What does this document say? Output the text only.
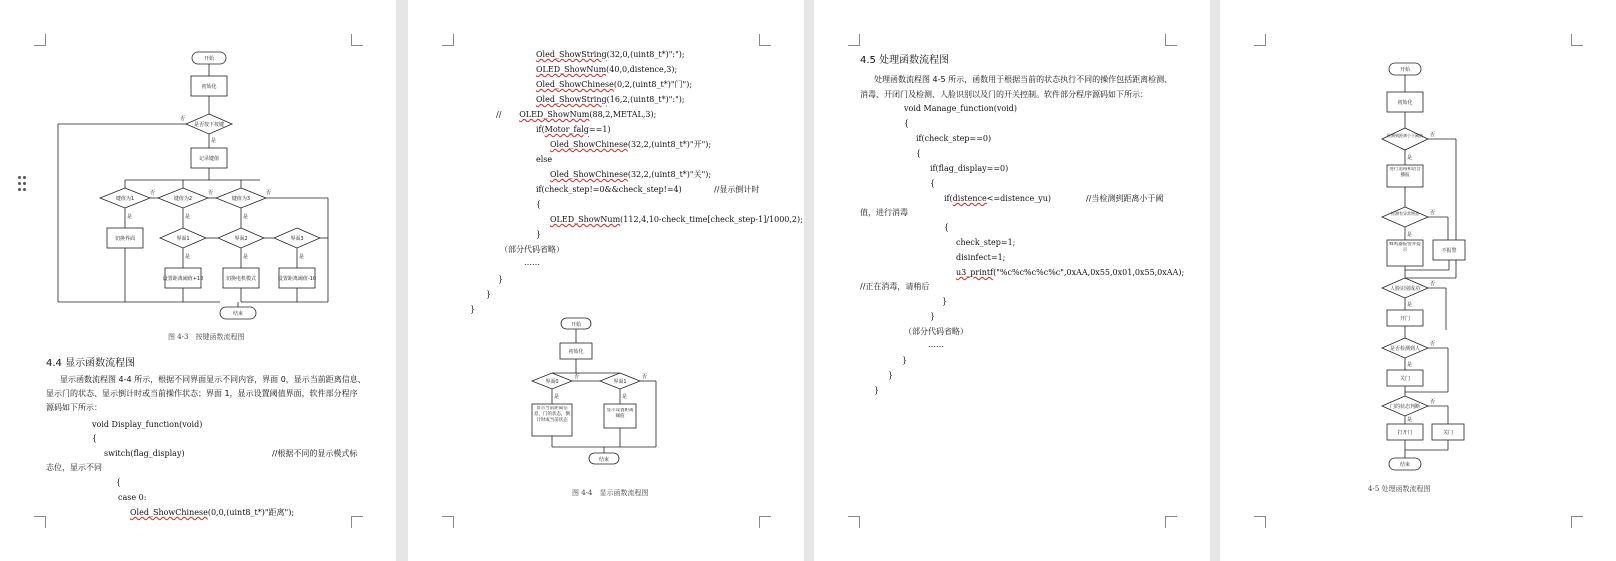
开始
初始化
是否按下按键
记录键值
键值为1	键值为2	键值为3
切换界面	界面1	界面2	界面3
设置距离阈值+10	切换电机模式	设置距离阈值-10
结束
否
是
否	否	否
是	是	是
是	是	是
图 4-3　按键函数流程图
4.4 显示函数流程图
显示函数流程图 4-4 所示，根据不同界面显示不同内容，界面 0，显示当前距离信息、
显示门的状态、显示倒计时或当前操作状态；界面 1，显示设置阈值界面，软件部分程序
源码如下所示：
void Display_function(void)
{
switch(flag_display)	//根据不同的显示模式标
志位，显示不同
{
case 0:
Oled_ShowChinese(0,0,(uint8_t*)"距离");
Oled_ShowString(32,0,(uint8_t*)":");
OLED_ShowNum(40,0,distence,3);
Oled_ShowChinese(0,2,(uint8_t*)"门");
Oled_ShowString(16,2,(uint8_t*)":");
// OLED_ShowNum(88,2,METAL,3);
if(Motor_falg==1)
Oled_ShowChinese(32,2,(uint8_t*)"开");
else
Oled_ShowChinese(32,2,(uint8_t*)"关");
if(check_step!=0&&check_step!=4)	//显示倒计时
{
OLED_ShowNum(112,4,10-check_time[check_step-1]/1000,2);
}
（部分代码省略）
……
}
}
}
开始
初始化
界面0	界面1
显示当前距离信息，门的状态，倒计时或当前状态
显示设置距离阈值
结束
否	否
是	是
图 4-4　显示函数流程图
4.5 处理函数流程图
处理函数流程图 4-5 所示，函数用于根据当前的状态执行不同的操作包括距离检测、
消毒、开闭门及检测、人脸识别以及门的开关控制。软件部分程序源码如下所示：
void Manage_function(void)
{
if(check_step==0)
{
if(flag_display==0)
{
if(distence<=distence_yu)	//当检测到距离小于阈
值，进行消毒
{
check_step=1;
disinfect=1;
u3_printf("%c%c%c%c%c",0xAA,0x55,0x01,0x55,0xAA);
//正在消毒，请稍后
}
}
（部分代码省略）
……
}
}
}
开始
初始化
检测到距离小于阈值
进行消毒和语音播报
检测有异常物品
蜂鸣器报警并提示	不报警
人脸识别成功
开门
是否检测到人
关门
门的状态判断
打开门	关门
结束
否
是
否
是
否
是
否
是
否
是
4-5 处理函数流程图
